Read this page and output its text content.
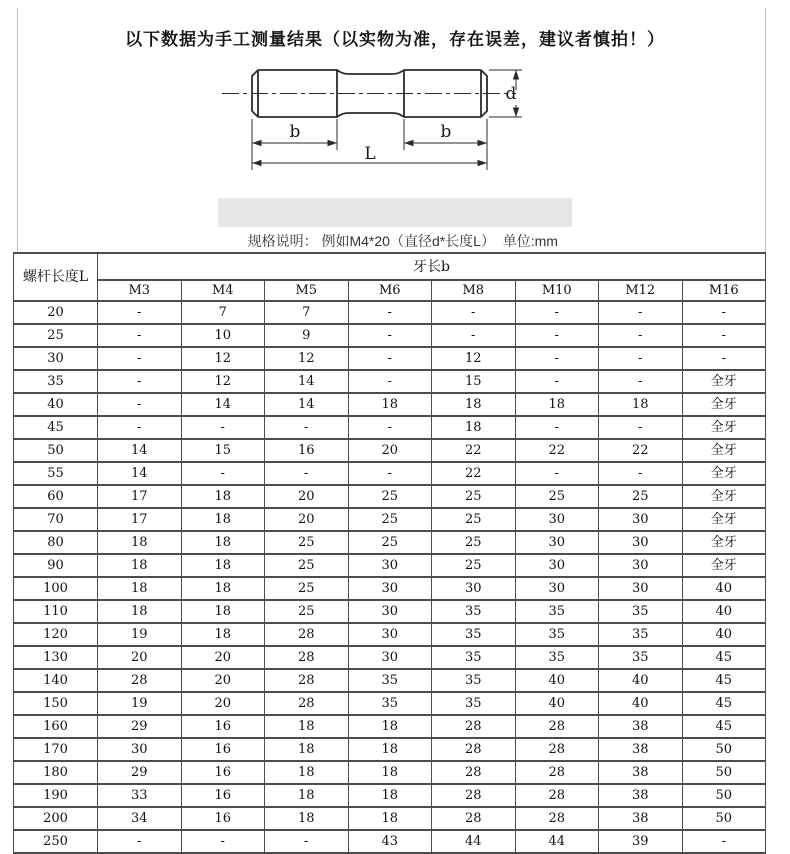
以下数据为手工测量结果（以实物为准，存在误差，建议者慎拍！）
b	b
L
d

规格说明： 例如M4*20（直径d*长度L）  单位:mm

螺杆长度L	牙长b							
	M3	M4	M5	M6	M8	M10	M12	M16
20	-	7	7	-	-	-	-	-
25	-	10	9	-	-	-	-	-
30	-	12	12	-	12	-	-	-
35	-	12	14	-	15	-	-	全牙
40	-	14	14	18	18	18	18	全牙
45	-	-	-	-	18	-	-	全牙
50	14	15	16	20	22	22	22	全牙
55	14	-	-	-	22	-	-	全牙
60	17	18	20	25	25	25	25	全牙
70	17	18	20	25	25	30	30	全牙
80	18	18	25	25	25	30	30	全牙
90	18	18	25	30	25	30	30	全牙
100	18	18	25	30	30	30	30	40
110	18	18	25	30	35	35	35	40
120	19	18	28	30	35	35	35	40
130	20	20	28	30	35	35	35	45
140	28	20	28	35	35	40	40	45
150	19	20	28	35	35	40	40	45
160	29	16	18	18	28	28	38	45
170	30	16	18	18	28	28	38	50
180	29	16	18	18	28	28	38	50
190	33	16	18	18	28	28	38	50
200	34	16	18	18	28	28	38	50
250	-	-	-	43	44	44	39	-
